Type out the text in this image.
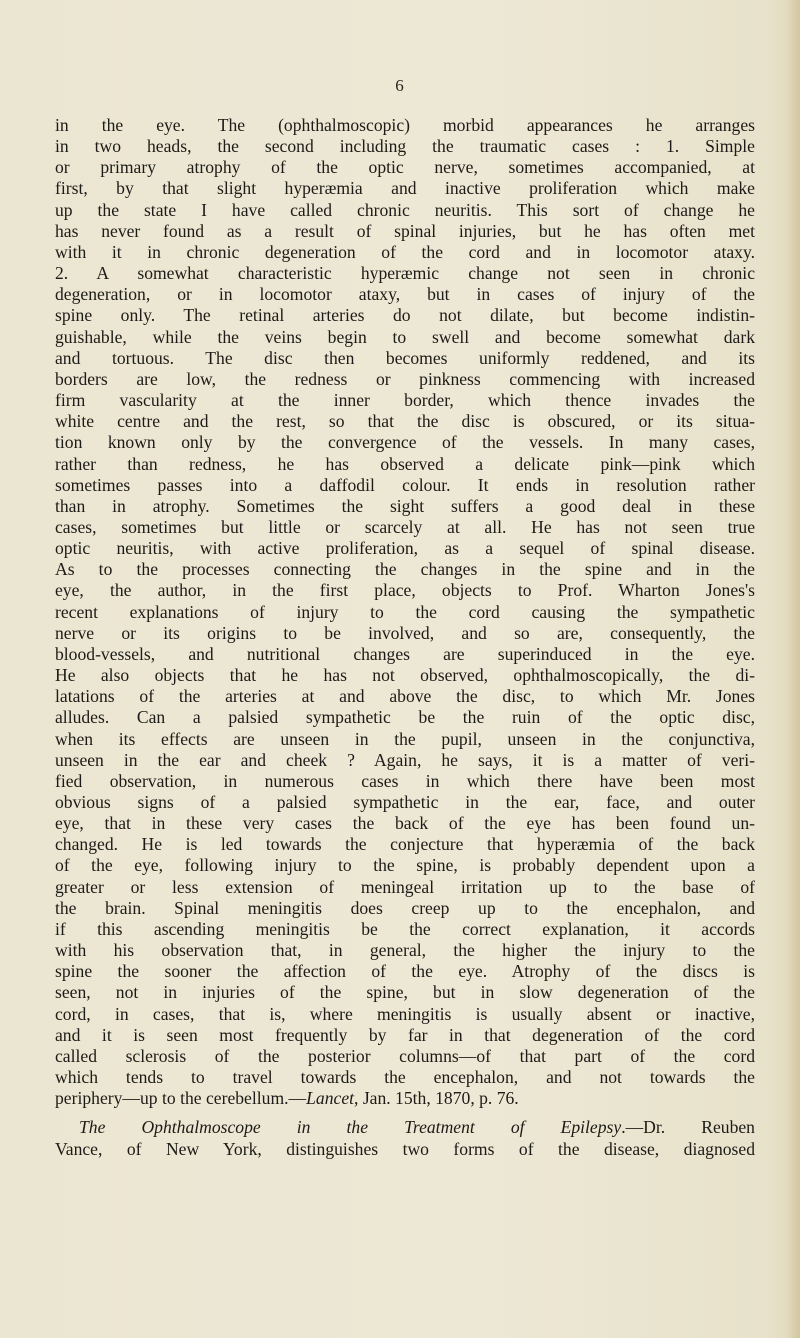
6
in the eye. The (ophthalmoscopic) morbid appearances he arranges
in two heads, the second including the traumatic cases : 1. Simple
or primary atrophy of the optic nerve, sometimes accompanied, at
first, by that slight hyperæmia and inactive proliferation which make
up the state I have called chronic neuritis. This sort of change he
has never found as a result of spinal injuries, but he has often met
with it in chronic degeneration of the cord and in locomotor ataxy.
2. A somewhat characteristic hyperæmic change not seen in chronic
degeneration, or in locomotor ataxy, but in cases of injury of the
spine only. The retinal arteries do not dilate, but become indistin-
guishable, while the veins begin to swell and become somewhat dark
and tortuous. The disc then becomes uniformly reddened, and its
borders are low, the redness or pinkness commencing with increased
firm vascularity at the inner border, which thence invades the
white centre and the rest, so that the disc is obscured, or its situa-
tion known only by the convergence of the vessels. In many cases,
rather than redness, he has observed a delicate pink—pink which
sometimes passes into a daffodil colour. It ends in resolution rather
than in atrophy. Sometimes the sight suffers a good deal in these
cases, sometimes but little or scarcely at all. He has not seen true
optic neuritis, with active proliferation, as a sequel of spinal disease.
As to the processes connecting the changes in the spine and in the
eye, the author, in the first place, objects to Prof. Wharton Jones's
recent explanations of injury to the cord causing the sympathetic
nerve or its origins to be involved, and so are, consequently, the
blood-vessels, and nutritional changes are superinduced in the eye.
He also objects that he has not observed, ophthalmoscopically, the di-
latations of the arteries at and above the disc, to which Mr. Jones
alludes. Can a palsied sympathetic be the ruin of the optic disc,
when its effects are unseen in the pupil, unseen in the conjunctiva,
unseen in the ear and cheek ? Again, he says, it is a matter of veri-
fied observation, in numerous cases in which there have been most
obvious signs of a palsied sympathetic in the ear, face, and outer
eye, that in these very cases the back of the eye has been found un-
changed. He is led towards the conjecture that hyperæmia of the back
of the eye, following injury to the spine, is probably dependent upon a
greater or less extension of meningeal irritation up to the base of
the brain. Spinal meningitis does creep up to the encephalon, and
if this ascending meningitis be the correct explanation, it accords
with his observation that, in general, the higher the injury to the
spine the sooner the affection of the eye. Atrophy of the discs is
seen, not in injuries of the spine, but in slow degeneration of the
cord, in cases, that is, where meningitis is usually absent or inactive,
and it is seen most frequently by far in that degeneration of the cord
called sclerosis of the posterior columns—of that part of the cord
which tends to travel towards the encephalon, and not towards the
periphery—up to the cerebellum.—Lancet, Jan. 15th, 1870, p. 76.
The Ophthalmoscope in the Treatment of Epilepsy.—Dr. Reuben
Vance, of New York, distinguishes two forms of the disease, diagnosed
